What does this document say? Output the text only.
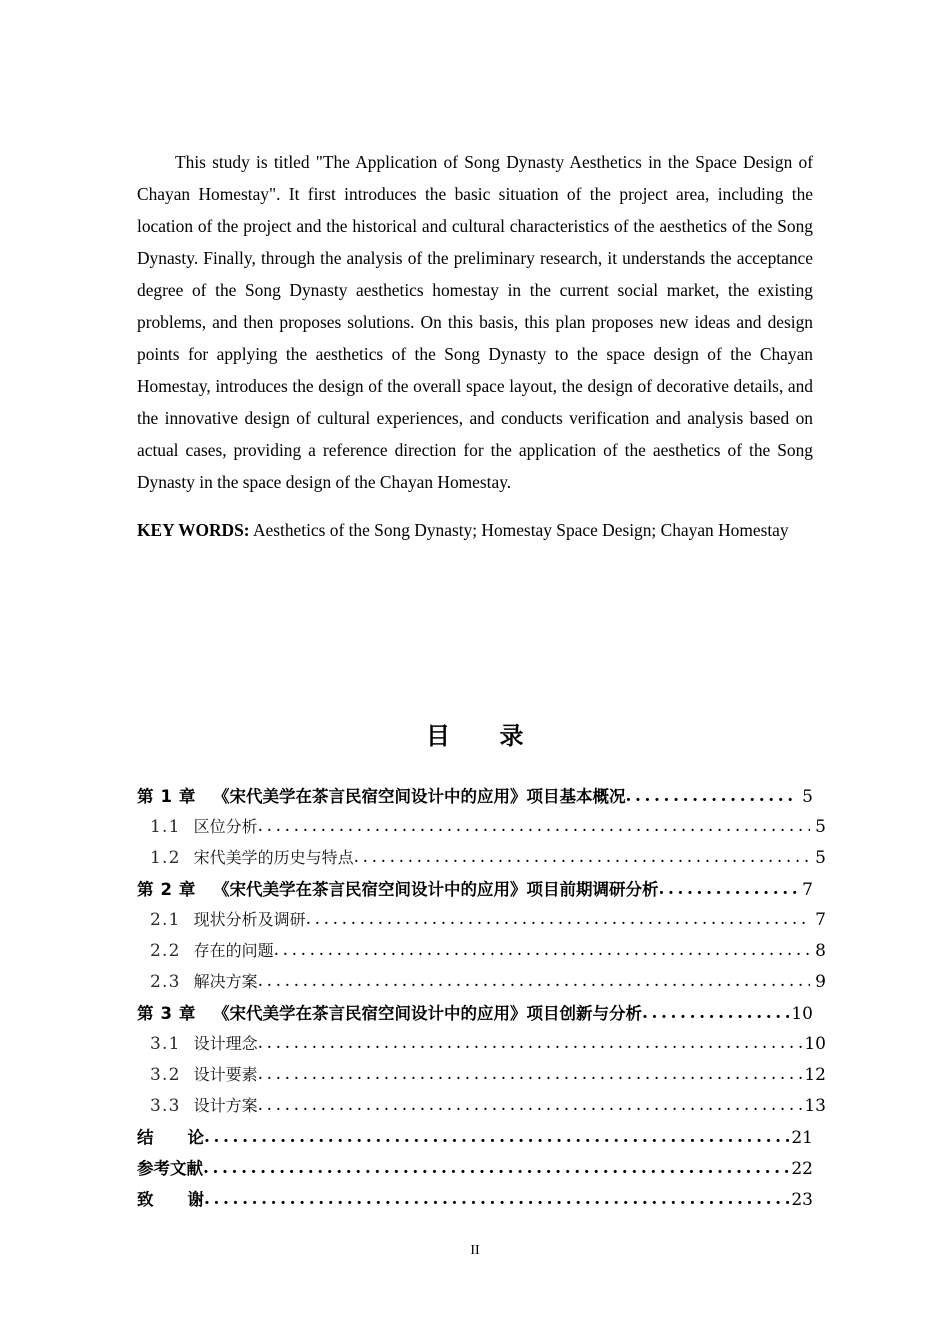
This study is titled "The Application of Song Dynasty Aesthetics in the Space Design of Chayan Homestay". It first introduces the basic situation of the project area, including the location of the project and the historical and cultural characteristics of the aesthetics of the Song Dynasty. Finally, through the analysis of the preliminary research, it understands the acceptance degree of the Song Dynasty aesthetics homestay in the current social market, the existing problems, and then proposes solutions. On this basis, this plan proposes new ideas and design points for applying the aesthetics of the Song Dynasty to the space design of the Chayan Homestay, introduces the design of the overall space layout, the design of decorative details, and the innovative design of cultural experiences, and conducts verification and analysis based on actual cases, providing a reference direction for the application of the aesthetics of the Song Dynasty in the space design of the Chayan Homestay.

KEY WORDS: Aesthetics of the Song Dynasty; Homestay Space Design; Chayan Homestay

目　　录
第 1 章 《宋代美学在茶言民宿空间设计中的应用》项目基本概况 .....	5
1.1 区位分析 .....	5
1.2 宋代美学的历史与特点 .....	5
第 2 章 《宋代美学在茶言民宿空间设计中的应用》项目前期调研分析 .....	7
2.1 现状分析及调研 .....	7
2.2 存在的问题 .....	8
2.3 解决方案 .....	9
第 3 章 《宋代美学在茶言民宿空间设计中的应用》项目创新与分析 .....	10
3.1 设计理念 .....	10
3.2 设计要素 .....	12
3.3 设计方案 .....	13
结 论 .....	21
参考文献 .....	22
致 谢 .....	23
II
